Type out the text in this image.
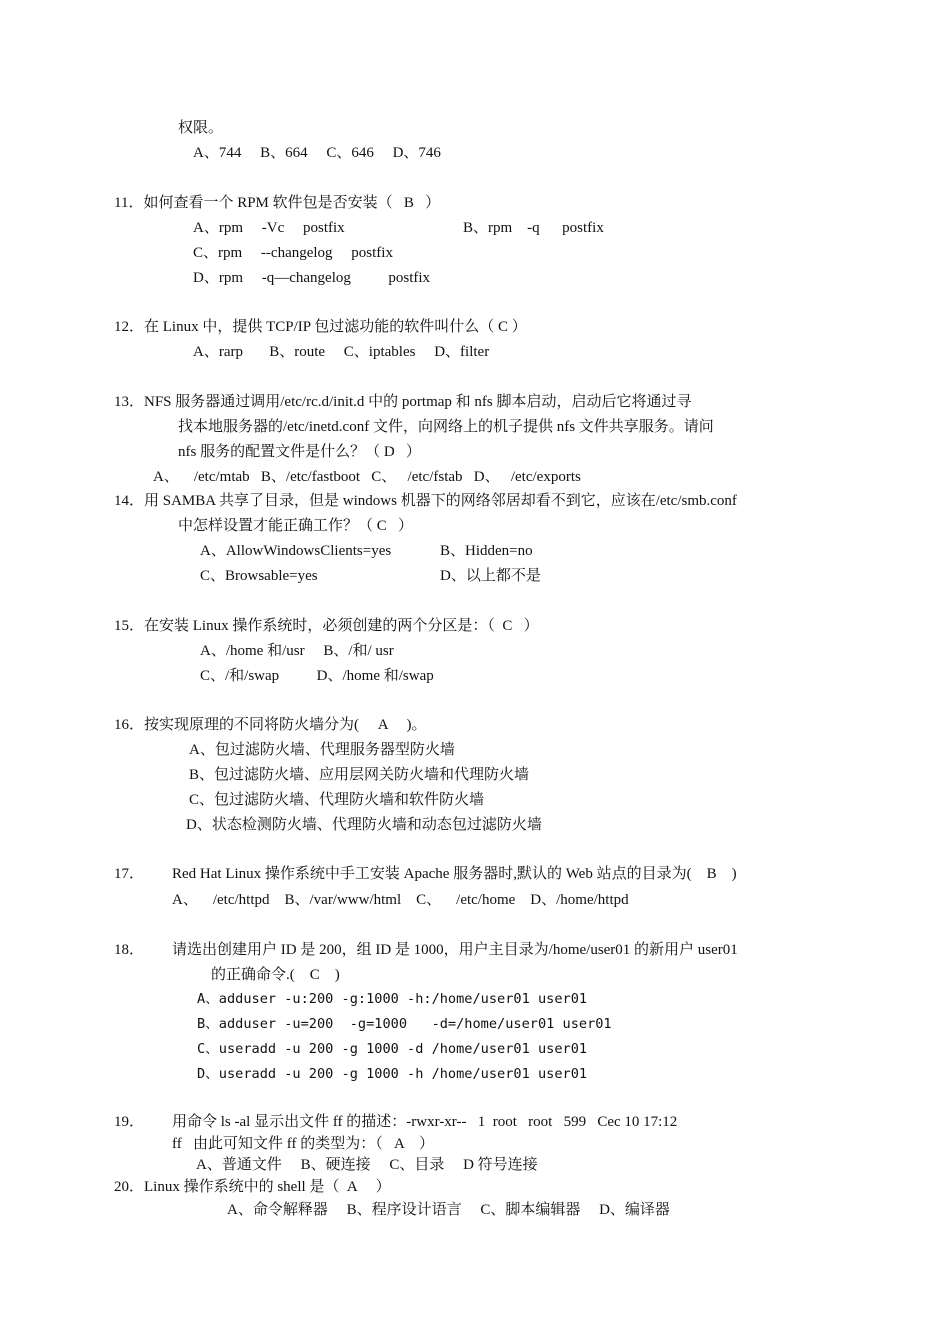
权限。
A、744     B、664     C、646     D、746
11．如何查看一个 RPM 软件包是否安装（   B   ）
A、rpm     -Vc     postfix	B、rpm    -q      postfix
C、rpm     --changelog     postfix
D、rpm     -q—changelog          postfix
12．在 Linux 中，提供 TCP/IP 包过滤功能的软件叫什么（ C ）
A、rarp       B、route     C、iptables     D、filter
13．NFS 服务器通过调用/etc/rc.d/init.d 中的 portmap 和 nfs 脚本启动，启动后它将通过寻
找本地服务器的/etc/inetd.conf 文件，向网络上的机子提供 nfs 文件共享服务。请问
nfs 服务的配置文件是什么？（ D   ）
A、    /etc/mtab   B、/etc/fastboot   C、   /etc/fstab   D、   /etc/exports
14．用 SAMBA 共享了目录，但是 windows 机器下的网络邻居却看不到它，应该在/etc/smb.conf
中怎样设置才能正确工作？（ C   ）
A、AllowWindowsClients=yes	B、Hidden=no
C、Browsable=yes	D、以上都不是
15．在安装 Linux 操作系统时，必须创建的两个分区是：（  C   ）
A、/home 和/usr     B、/和/ usr
C、/和/swap          D、/home 和/swap
16．按实现原理的不同将防火墙分为(     A     )。
A、包过滤防火墙、代理服务器型防火墙
B、包过滤防火墙、应用层网关防火墙和代理防火墙
C、包过滤防火墙、代理防火墙和软件防火墙
D、状态检测防火墙、代理防火墙和动态包过滤防火墙
17． Red Hat Linux 操作系统中手工安装 Apache 服务器时,默认的 Web 站点的目录为(    B    )
A、    /etc/httpd    B、/var/www/html    C、    /etc/home    D、/home/httpd
18． 请选出创建用户 ID 是 200，组 ID 是 1000，用户主目录为/home/user01 的新用户 user01
的正确命令.(    C    )
A、adduser -u:200 -g:1000 -h:/home/user01 user01
B、adduser -u=200  -g=1000   -d=/home/user01 user01
C、useradd -u 200 -g 1000 -d /home/user01 user01
D、useradd -u 200 -g 1000 -h /home/user01 user01
19． 用命令 ls -al 显示出文件 ff 的描述：-rwxr-xr--   1  root   root   599   Cec 10 17:12
ff   由此可知文件 ff 的类型为：（   A    ）
A、普通文件     B、硬连接     C、目录     D 符号连接
20．Linux 操作系统中的 shell 是（  A     ）
A、命令解释器     B、程序设计语言     C、脚本编辑器     D、编译器
